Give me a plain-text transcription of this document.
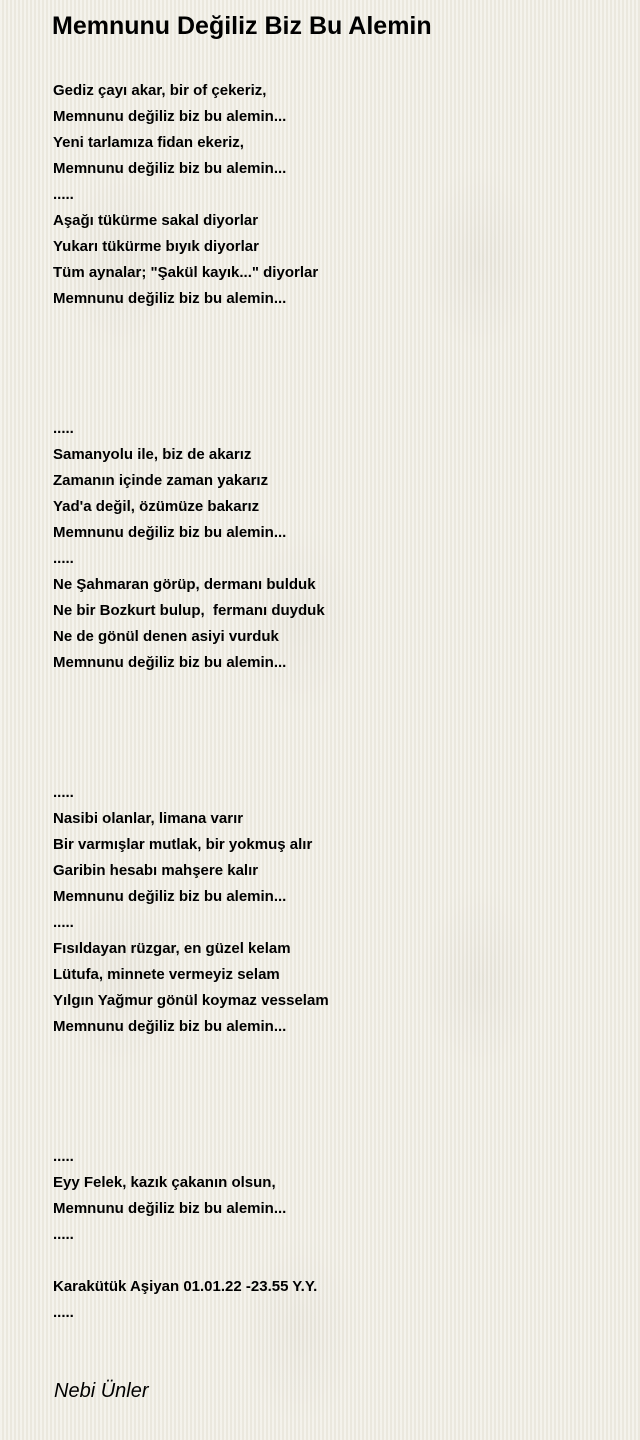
Memnunu Değiliz Biz Bu Alemin
Gediz çayı akar, bir of çekeriz,
Memnunu değiliz biz bu alemin...
Yeni tarlamıza fidan ekeriz,
Memnunu değiliz biz bu alemin...
.....
Aşağı tükürme sakal diyorlar
Yukarı tükürme bıyık diyorlar
Tüm aynalar; "Şakül kayık..." diyorlar
Memnunu değiliz biz bu alemin...
.....
Samanyolu ile, biz de akarız
Zamanın içinde zaman yakarız
Yad'a değil, özümüze bakarız
Memnunu değiliz biz bu alemin...
.....
Ne Şahmaran görüp, dermanı bulduk
Ne bir Bozkurt bulup,  fermanı duyduk
Ne de gönül denen asiyi vurduk
Memnunu değiliz biz bu alemin...
.....
Nasibi olanlar, limana varır
Bir varmışlar mutlak, bir yokmuş alır
Garibin hesabı mahşere kalır
Memnunu değiliz biz bu alemin...
.....
Fısıldayan rüzgar, en güzel kelam
Lütufa, minnete vermeyiz selam
Yılgın Yağmur gönül koymaz vesselam
Memnunu değiliz biz bu alemin...
.....
Eyy Felek, kazık çakanın olsun,
Memnunu değiliz biz bu alemin...
.....
Karakütük Aşiyan 01.01.22 -23.55 Y.Y.
.....
Nebi Ünler
